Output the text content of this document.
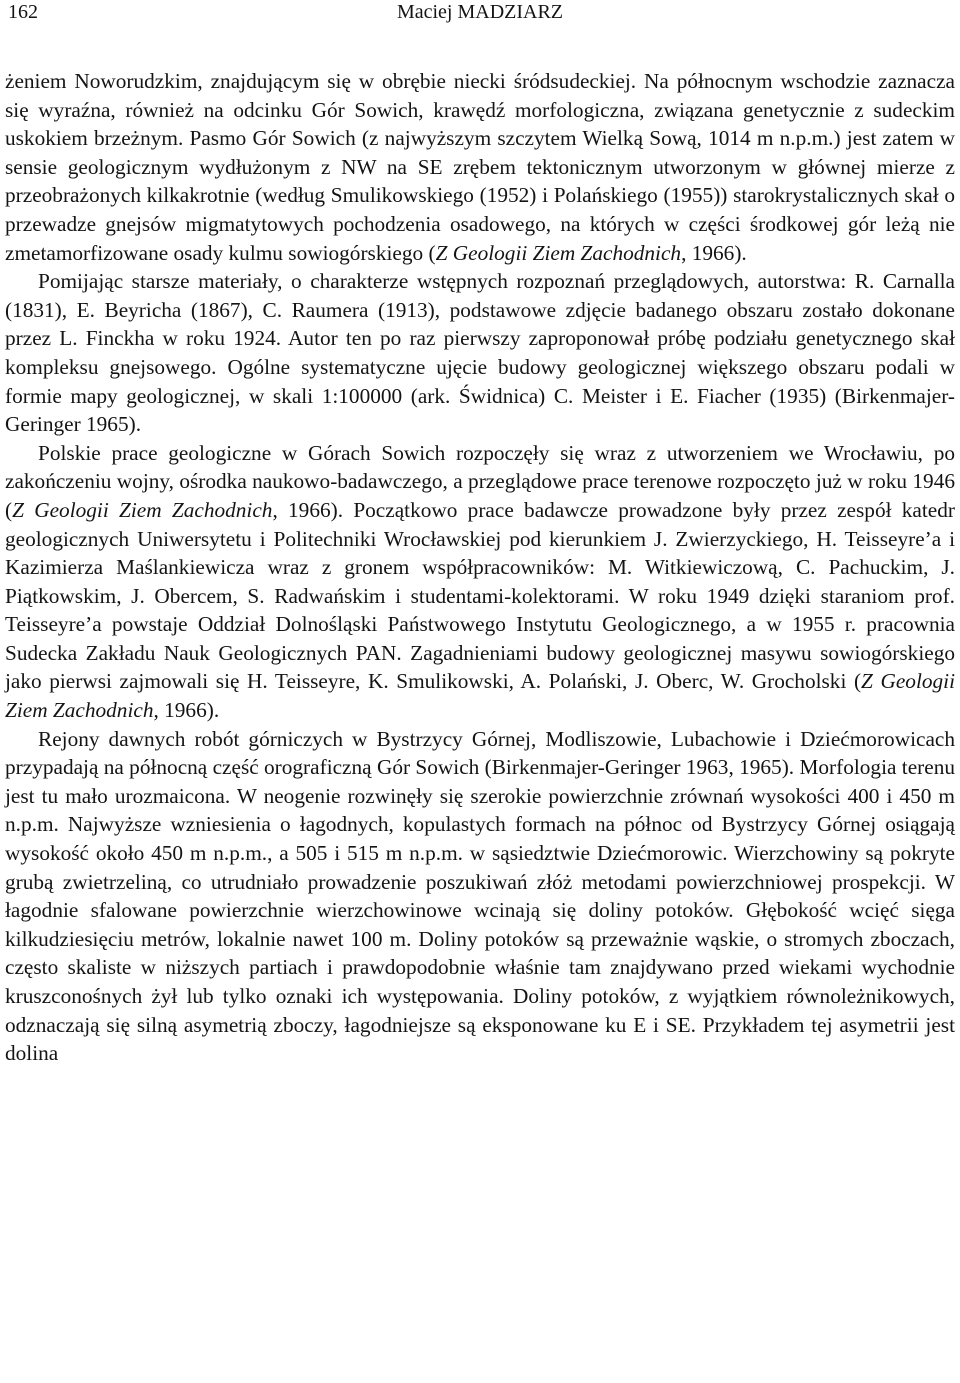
162	Maciej MADZIARZ

żeniem Noworudzkim, znajdującym się w obrębie niecki śródsudeckiej. Na północnym wschodzie zaznacza się wyraźna, również na odcinku Gór Sowich, krawędź morfologiczna, związana genetycznie z sudeckim uskokiem brzeżnym. Pasmo Gór Sowich (z najwyższym szczytem Wielką Sową, 1014 m n.p.m.) jest zatem w sensie geologicznym wydłużonym z NW na SE zrębem tektonicznym utworzonym w głównej mierze z przeobrażonych kilkakrotnie (według Smulikowskiego (1952) i Polańskiego (1955)) starokrystalicznych skał o przewadze gnejsów migmatytowych pochodzenia osadowego, na których w części środkowej gór leżą nie zmetamorfizowane osady kulmu sowiogórskiego (Z Geologii Ziem Zachodnich, 1966).

Pomijając starsze materiały, o charakterze wstępnych rozpoznań przeglądowych, autorstwa: R. Carnalla (1831), E. Beyricha (1867), C. Raumera (1913), podstawowe zdjęcie badanego obszaru zostało dokonane przez L. Finckha w roku 1924. Autor ten po raz pierwszy zaproponował próbę podziału genetycznego skał kompleksu gnejsowego. Ogólne systematyczne ujęcie budowy geologicznej większego obszaru podali w formie mapy geologicznej, w skali 1:100000 (ark. Świdnica) C. Meister i E. Fiacher (1935) (Birkenmajer-Geringer 1965).

Polskie prace geologiczne w Górach Sowich rozpoczęły się wraz z utworzeniem we Wrocławiu, po zakończeniu wojny, ośrodka naukowo-badawczego, a przeglądowe prace terenowe rozpoczęto już w roku 1946 (Z Geologii Ziem Zachodnich, 1966). Początkowo prace badawcze prowadzone były przez zespół katedr geologicznych Uniwersytetu i Politechniki Wrocławskiej pod kierunkiem J. Zwierzyckiego, H. Teisseyre’a i Kazimierza Maślankiewicza wraz z gronem współpracowników: M. Witkiewiczową, C. Pachuckim, J. Piątkowskim, J. Obercem, S. Radwańskim i studentami-kolektorami. W roku 1949 dzięki staraniom prof. Teisseyre’a powstaje Oddział Dolnośląski Państwowego Instytutu Geologicznego, a w 1955 r. pracownia Sudecka Zakładu Nauk Geologicznych PAN. Zagadnieniami budowy geologicznej masywu sowiogórskiego jako pierwsi zajmowali się H. Teisseyre, K. Smulikowski, A. Polański, J. Oberc, W. Grocholski (Z Geologii Ziem Zachodnich, 1966).

Rejony dawnych robót górniczych w Bystrzycy Górnej, Modliszowie, Lubachowie i Dziećmorowicach przypadają na północną część orograficzną Gór Sowich (Birkenmajer-Geringer 1963, 1965). Morfologia terenu jest tu mało urozmaicona. W neogenie rozwinęły się szerokie powierzchnie zrównań wysokości 400 i 450 m n.p.m. Najwyższe wzniesienia o łagodnych, kopulastych formach na północ od Bystrzycy Górnej osiągają wysokość około 450 m n.p.m., a 505 i 515 m n.p.m. w sąsiedztwie Dziećmorowic. Wierzchowiny są pokryte grubą zwietrzeliną, co utrudniało prowadzenie poszukiwań złóż metodami powierzchniowej prospekcji. W łagodnie sfalowane powierzchnie wierzchowinowe wcinają się doliny potoków. Głębokość wcięć sięga kilkudziesięciu metrów, lokalnie nawet 100 m. Doliny potoków są przeważnie wąskie, o stromych zboczach, często skaliste w niższych partiach i prawdopodobnie właśnie tam znajdywano przed wiekami wychodnie kruszconośnych żył lub tylko oznaki ich występowania. Doliny potoków, z wyjątkiem równoleżnikowych, odznaczają się silną asymetrią zboczy, łagodniejsze są eksponowane ku E i SE. Przykładem tej asymetrii jest dolina
